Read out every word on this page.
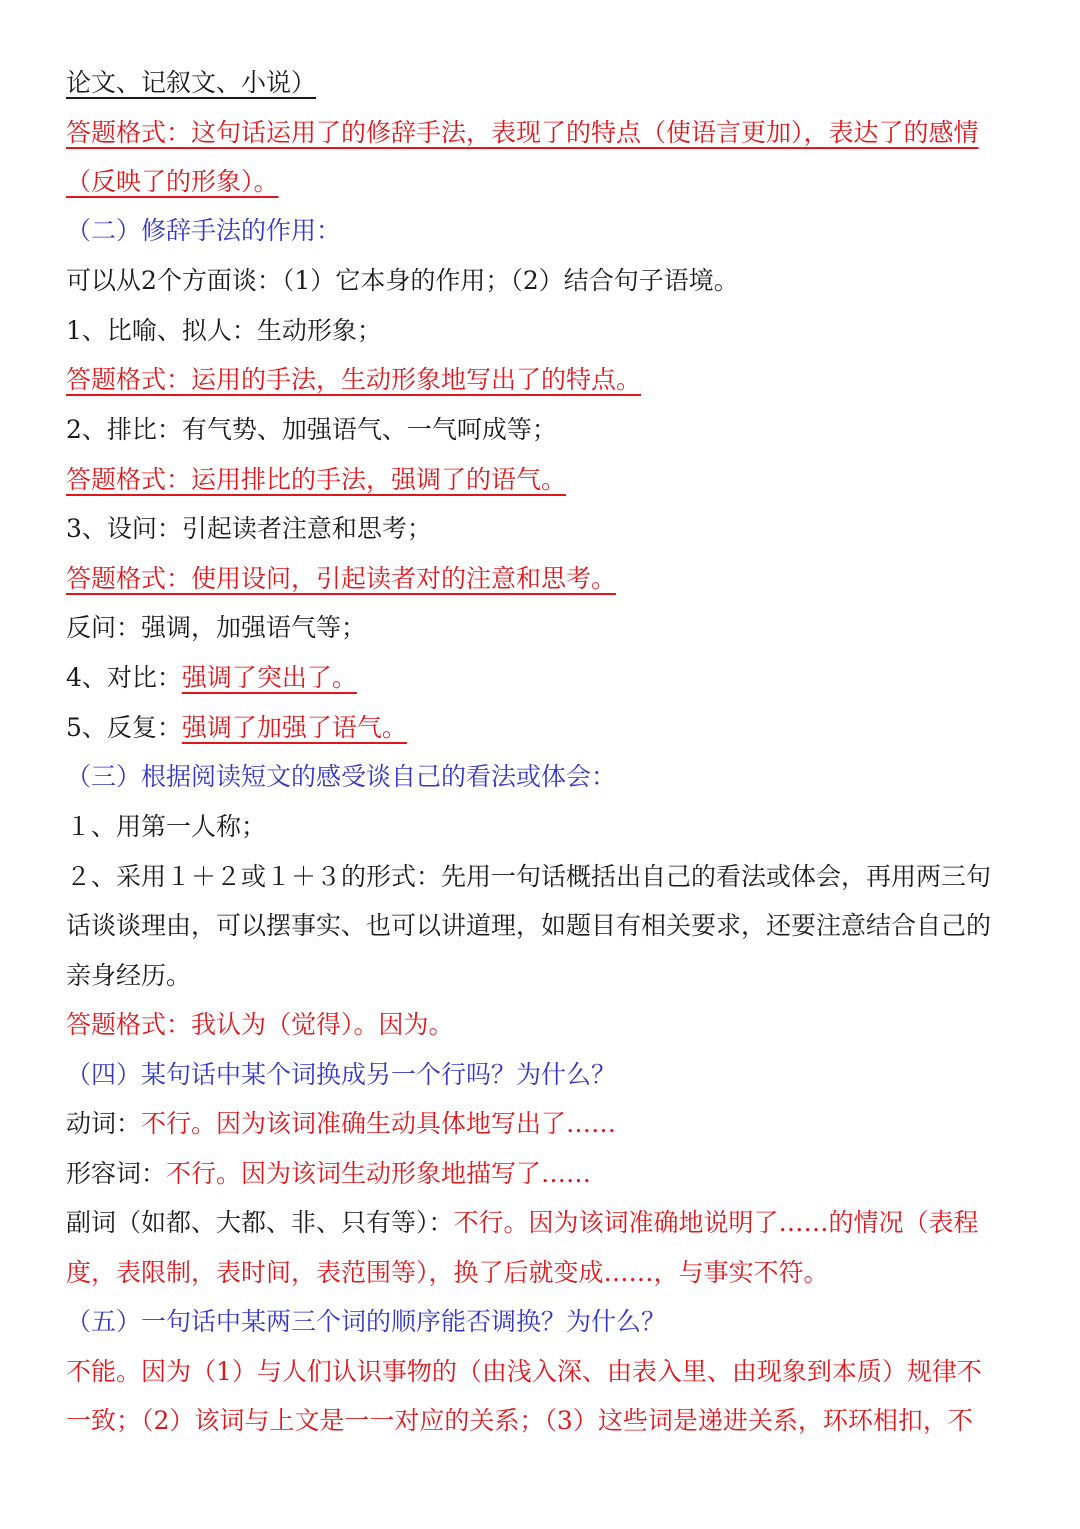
论文、记叙文、小说）
答题格式：这句话运用了的修辞手法，表现了的特点（使语言更加），表达了的感情
（反映了的形象）。
（二）修辞手法的作用：
可以从2个方面谈：（1）它本身的作用；（2）结合句子语境。
1、比喻、拟人：生动形象；
答题格式：运用的手法，生动形象地写出了的特点。
2、排比：有气势、加强语气、一气呵成等；
答题格式：运用排比的手法，强调了的语气。
3、设问：引起读者注意和思考；
答题格式：使用设问，引起读者对的注意和思考。
反问：强调，加强语气等；
4、对比：强调了突出了。
5、反复：强调了加强了语气。
（三）根据阅读短文的感受谈自己的看法或体会：
１、用第一人称；
２、采用１＋２或１＋３的形式：先用一句话概括出自己的看法或体会，再用两三句
话谈谈理由，可以摆事实、也可以讲道理，如题目有相关要求，还要注意结合自己的
亲身经历。
答题格式：我认为（觉得）。因为。
（四）某句话中某个词换成另一个行吗？为什么？
动词：不行。因为该词准确生动具体地写出了……
形容词：不行。因为该词生动形象地描写了……
副词（如都、大都、非、只有等）：不行。因为该词准确地说明了……的情况（表程
度，表限制，表时间，表范围等），换了后就变成……，与事实不符。
（五）一句话中某两三个词的顺序能否调换？为什么？
不能。因为（1）与人们认识事物的（由浅入深、由表入里、由现象到本质）规律不
一致；（2）该词与上文是一一对应的关系；（3）这些词是递进关系，环环相扣，不
